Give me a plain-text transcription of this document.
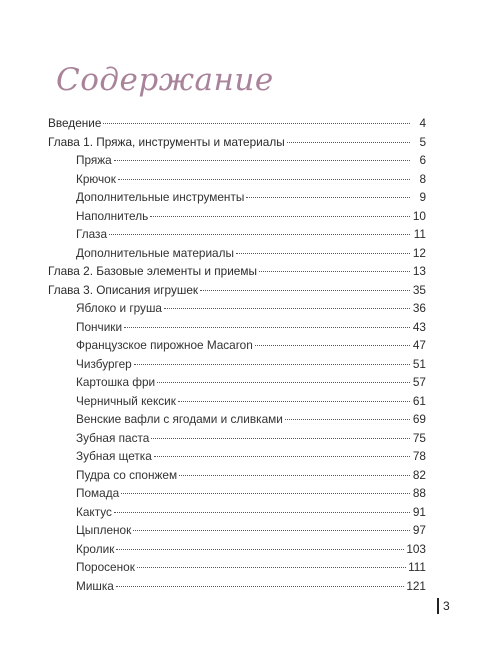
Содержание
Введение	4
Глава 1. Пряжа, инструменты и материалы	5
Пряжа	6
Крючок	8
Дополнительные инструменты	9
Наполнитель	10
Глаза	11
Дополнительные материалы	12
Глава 2. Базовые элементы и приемы	13
Глава 3. Описания игрушек	35
Яблоко и груша	36
Пончики	43
Французское пирожное Macaron	47
Чизбургер	51
Картошка фри	57
Черничный кексик	61
Венские вафли с ягодами и сливками	69
Зубная паста	75
Зубная щетка	78
Пудра со спонжем	82
Помада	88
Кактус	91
Цыпленок	97
Кролик	103
Поросенок	111
Мишка	121
3
